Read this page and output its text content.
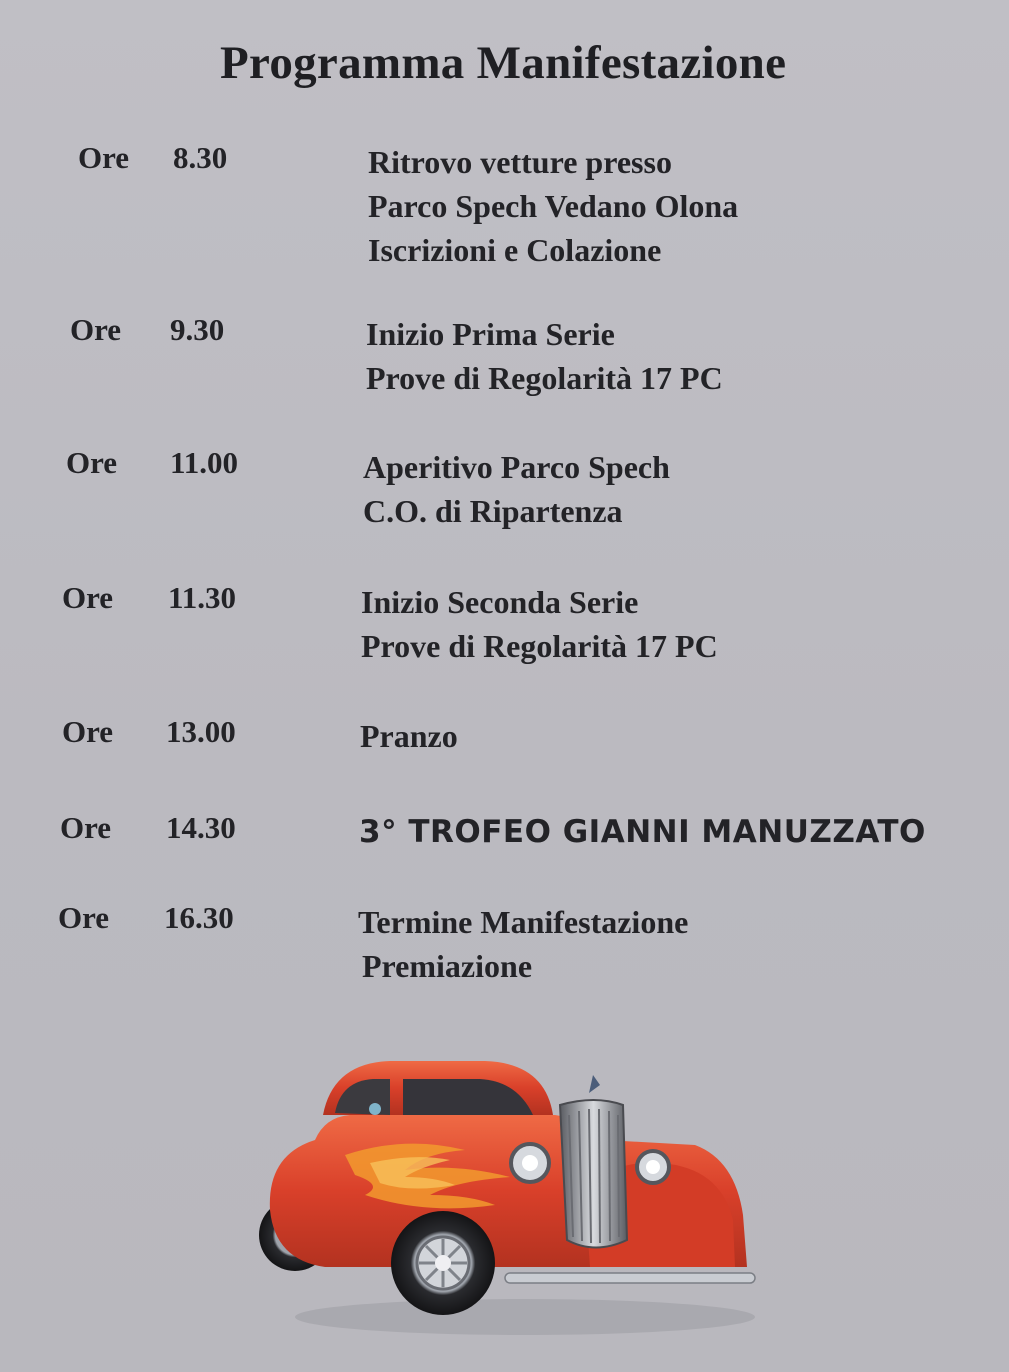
Programma Manifestazione
Ore 8.30	Ritrovo vetture presso
Parco Spech Vedano Olona
Iscrizioni e Colazione
Ore 9.30	Inizio Prima Serie
Prove di Regolarità 17 PC
Ore 11.00	Aperitivo Parco Spech
C.O. di Ripartenza
Ore 11.30	Inizio Seconda Serie
Prove di Regolarità 17 PC
Ore 13.00	Pranzo
Ore 14.30	3° TROFEO GIANNI MANUZZATO
Ore 16.30	Termine Manifestazione
Premiazione
